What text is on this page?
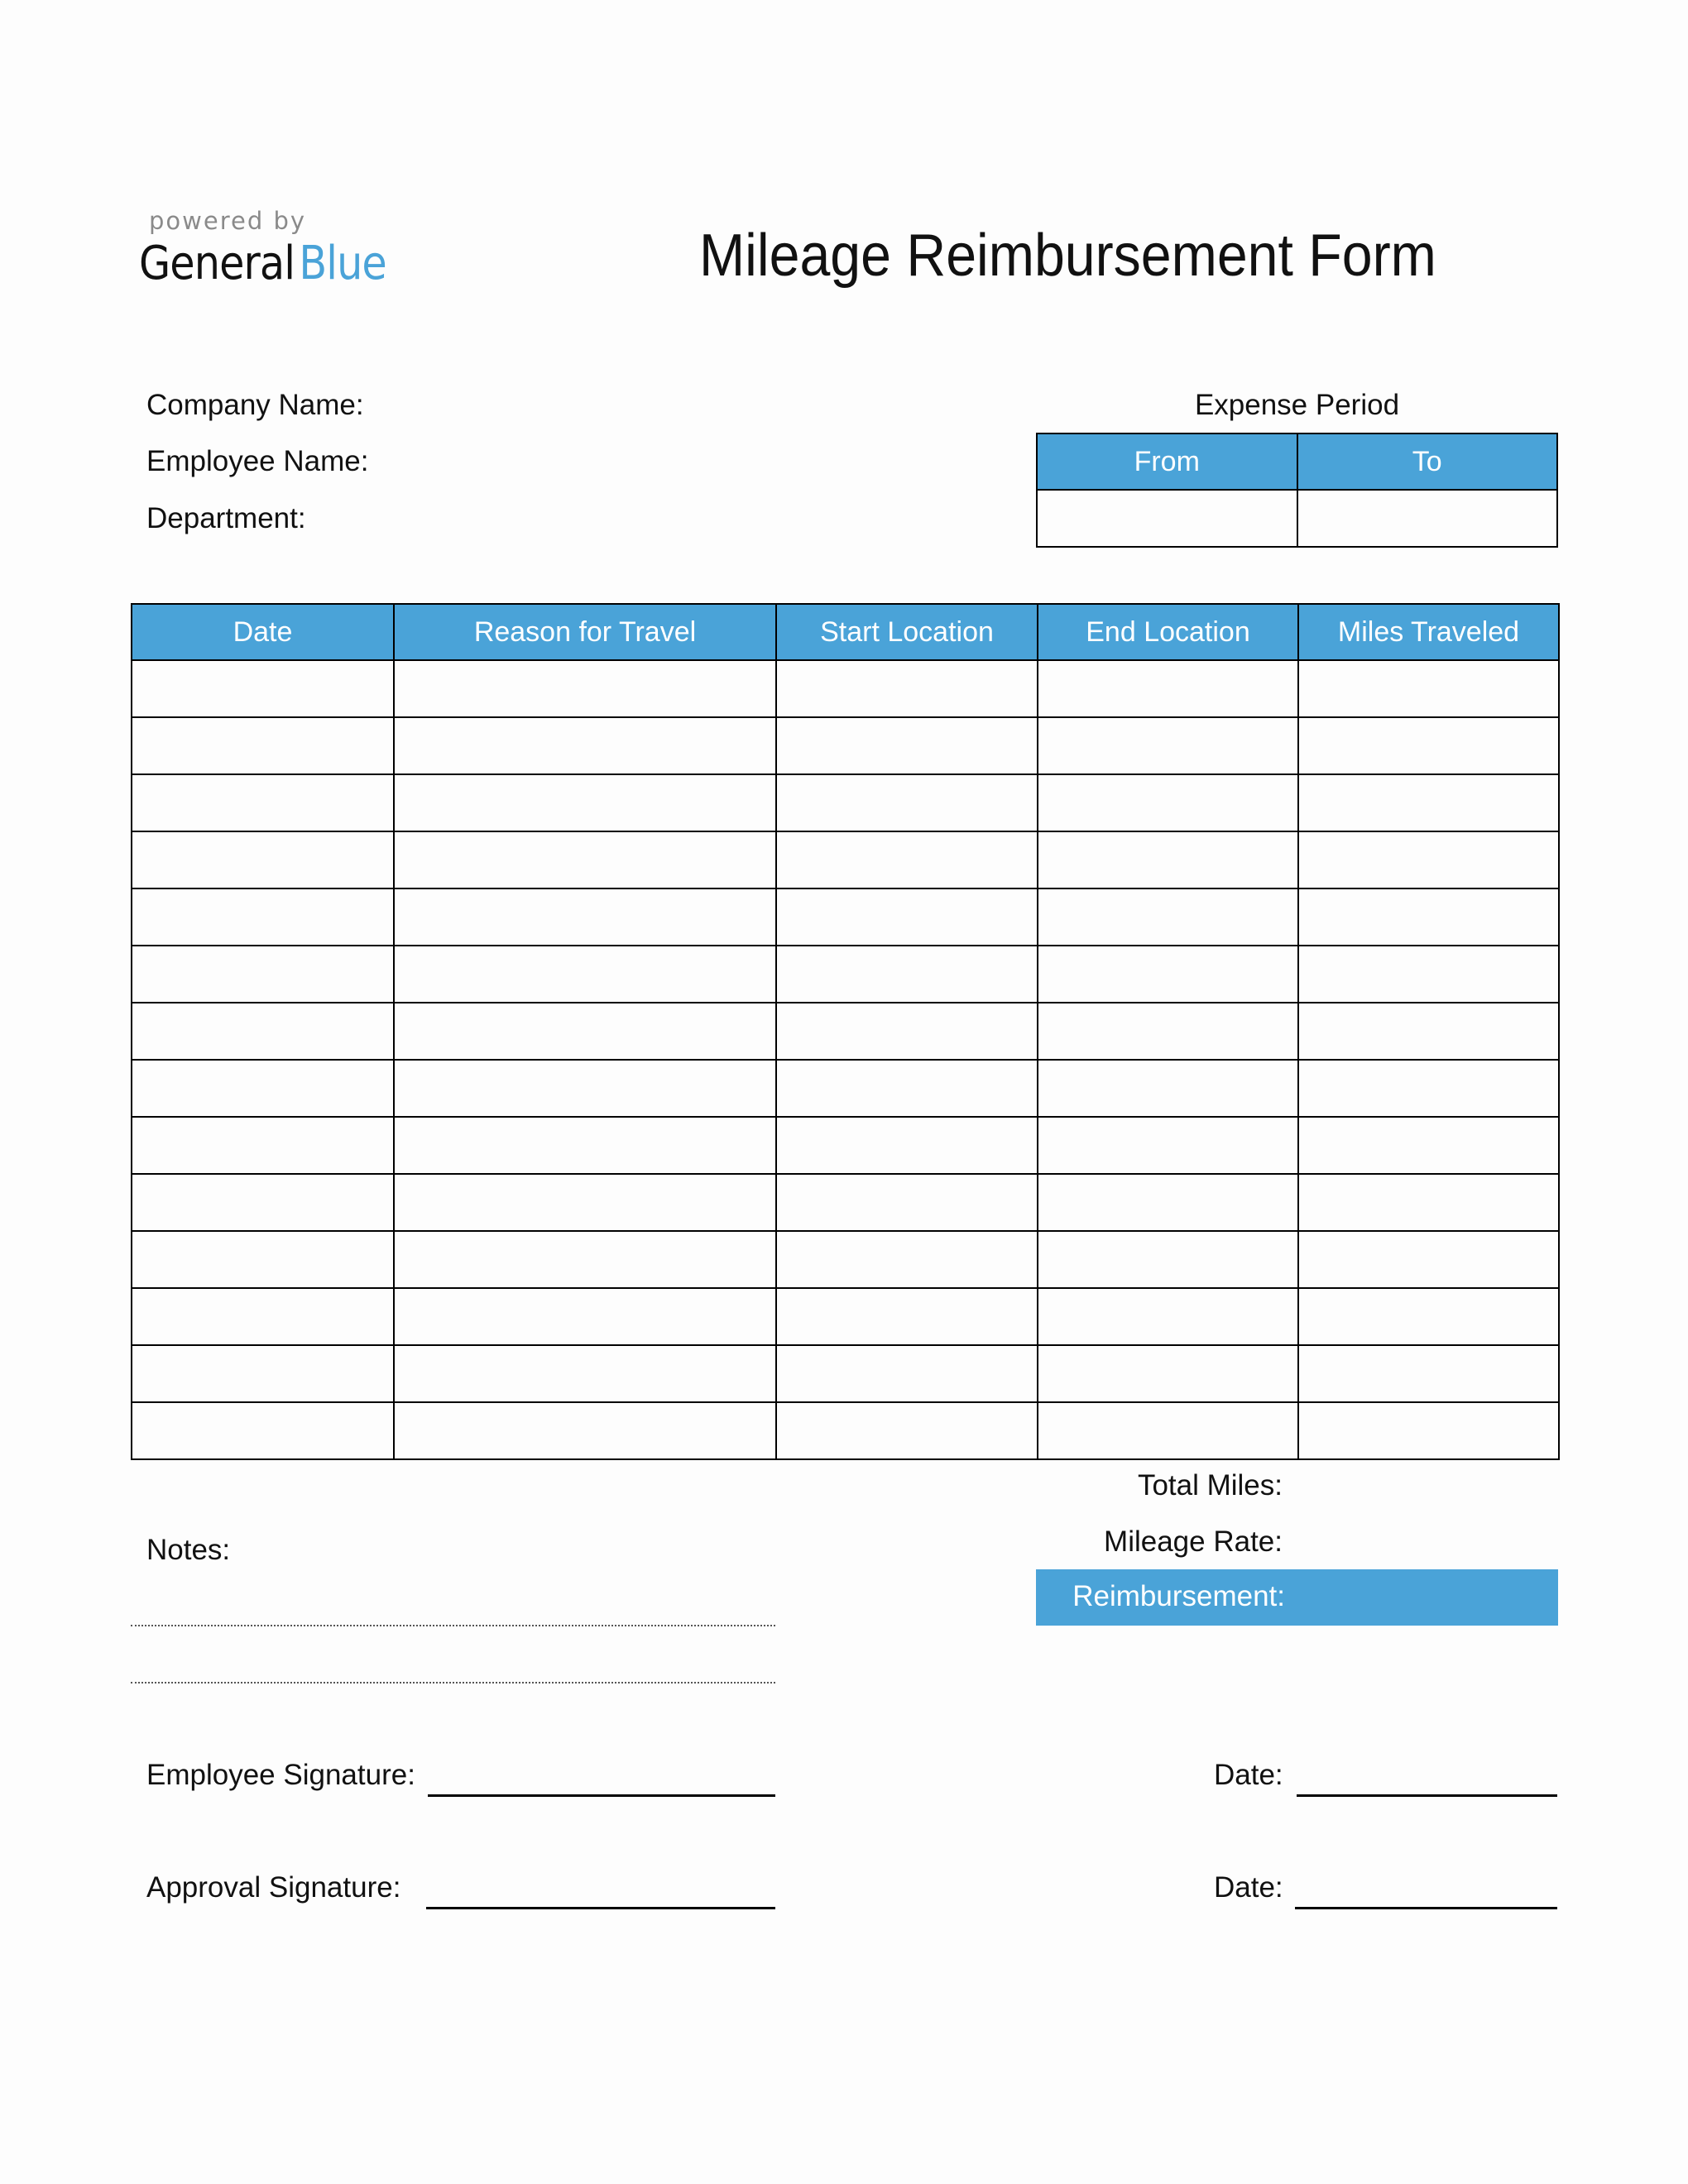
powered by
GeneralBlue	Mileage Reimbursement Form
Company Name:
Employee Name:
Department:
Expense Period
From	To

Date	Reason for Travel	Start Location	End Location	Miles Traveled

Total Miles:
Mileage Rate:
Reimbursement:
Notes:
Employee Signature:	Date:
Approval Signature:	Date:
